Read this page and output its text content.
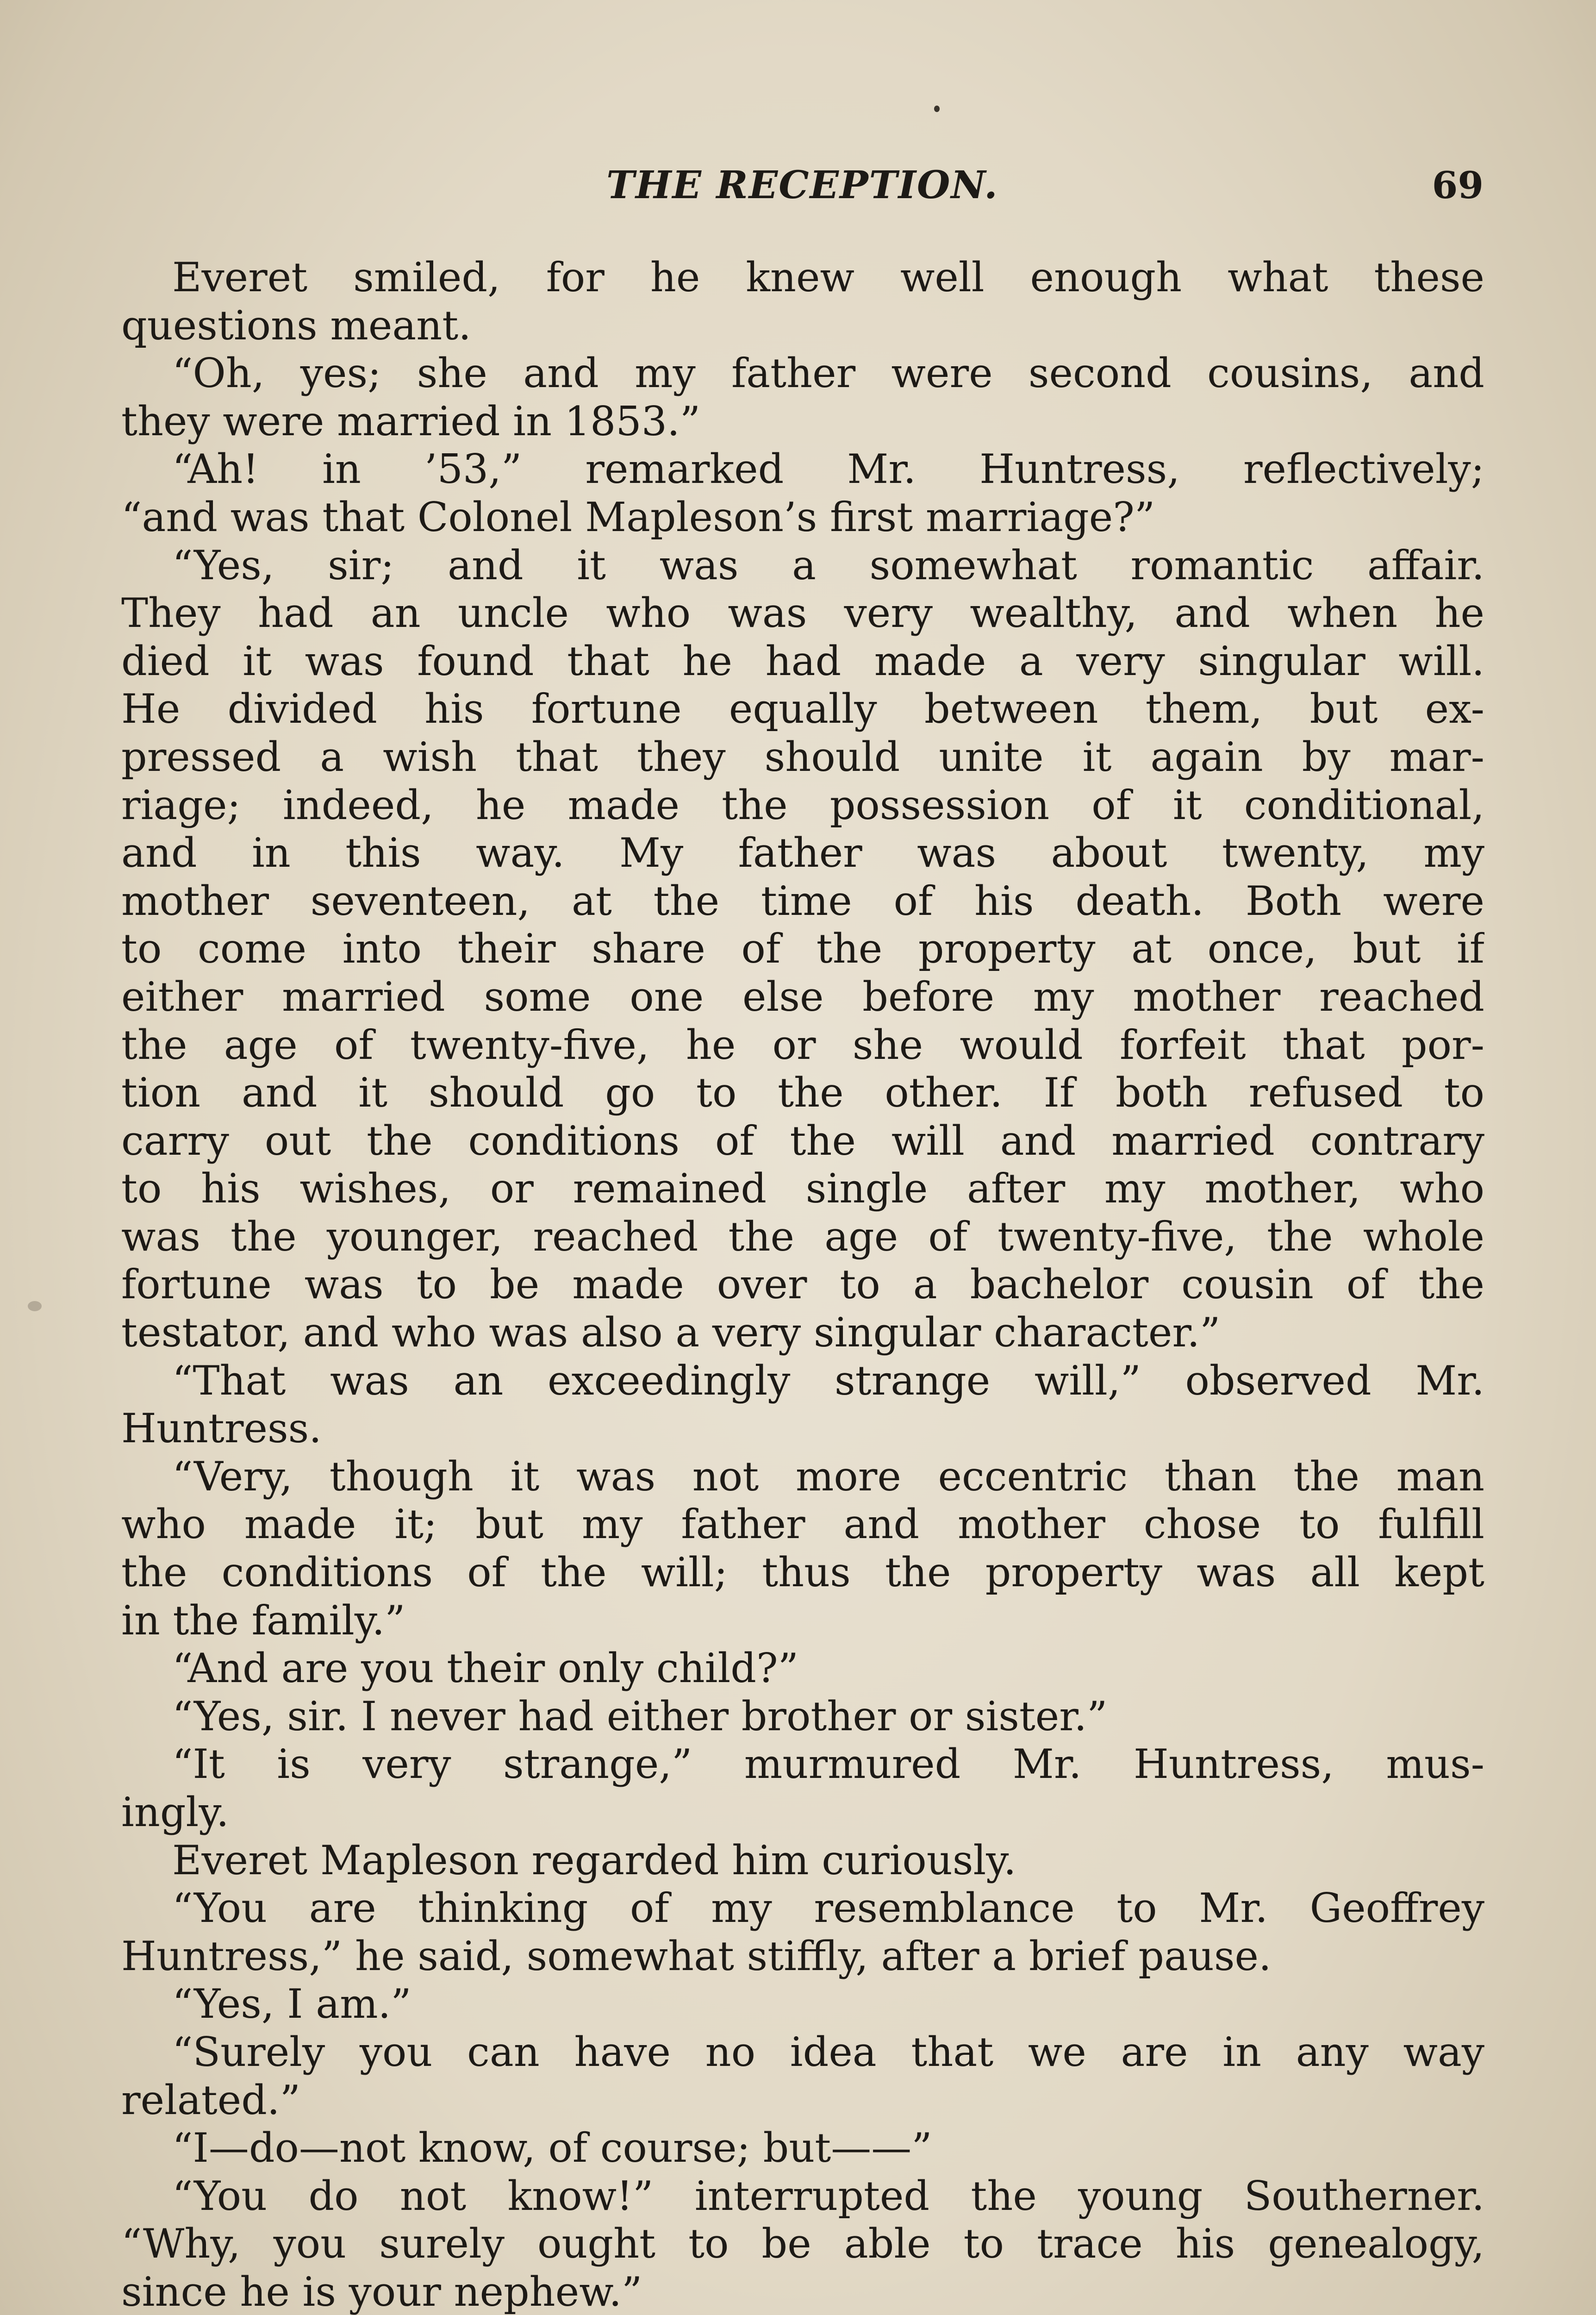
THE RECEPTION.	69
Everet smiled, for he knew well enough what these
questions meant.
“Oh, yes; she and my father were second cousins, and
they were married in 1853.”
“Ah! in ’53,” remarked Mr. Huntress, reflectively;
“and was that Colonel Mapleson’s first marriage?”
“Yes, sir; and it was a somewhat romantic affair.
They had an uncle who was very wealthy, and when he
died it was found that he had made a very singular will.
He divided his fortune equally between them, but ex-
pressed a wish that they should unite it again by mar-
riage; indeed, he made the possession of it conditional,
and in this way. My father was about twenty, my
mother seventeen, at the time of his death. Both were
to come into their share of the property at once, but if
either married some one else before my mother reached
the age of twenty-five, he or she would forfeit that por-
tion and it should go to the other. If both refused to
carry out the conditions of the will and married contrary
to his wishes, or remained single after my mother, who
was the younger, reached the age of twenty-five, the whole
fortune was to be made over to a bachelor cousin of the
testator, and who was also a very singular character.”
“That was an exceedingly strange will,” observed Mr.
Huntress.
“Very, though it was not more eccentric than the man
who made it; but my father and mother chose to fulfill
the conditions of the will; thus the property was all kept
in the family.”
“And are you their only child?”
“Yes, sir. I never had either brother or sister.”
“It is very strange,” murmured Mr. Huntress, mus-
ingly.
Everet Mapleson regarded him curiously.
“You are thinking of my resemblance to Mr. Geoffrey
Huntress,” he said, somewhat stiffly, after a brief pause.
“Yes, I am.”
“Surely you can have no idea that we are in any way
related.”
“I—do—not know, of course; but——”
“You do not know!” interrupted the young Southerner.
“Why, you surely ought to be able to trace his genealogy,
since he is your nephew.”
